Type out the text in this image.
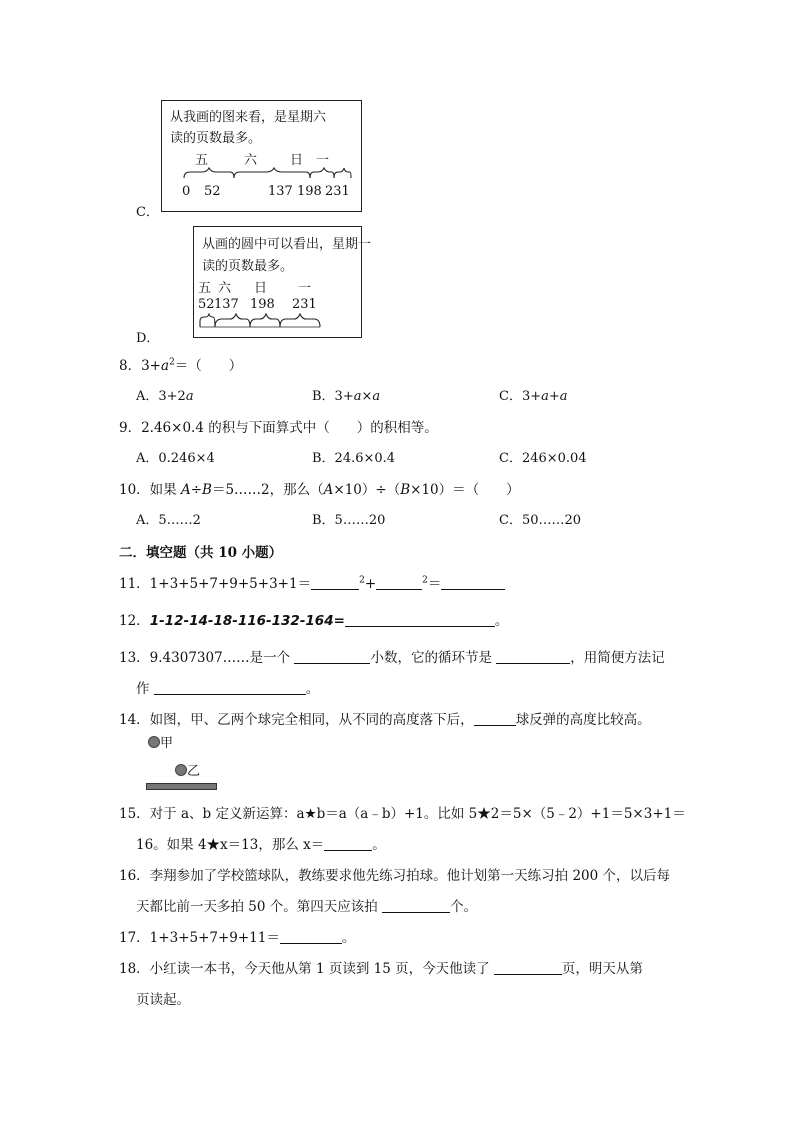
C．
从我画的图来看，是星期六
读的页数最多。
五	六	日 一
0 52	137 198 231
D．
从画的圆中可以看出，星期一
读的页数最多。
五 六 日 一
52 137 198 231
8．$3+a^2=$（　　）
A．3+2a	B．3+a×a	C．3+a+a
9．2.46×0.4 的积与下面算式中（　　）的积相等。
A．0.246×4	B．24.6×0.4	C．246×0.04
10．如果 A÷B＝5……2，那么（A×10）÷（B×10）＝（　　）
A．5……2	B．5……20	C．50……20
二．填空题（共 10 小题）
11．1+3+5+7+9+5+3+1＝	$^2$+	$^2$＝
12．1-12-14-18-116-132-164=	。
13．9.4307307……是一个	小数，它的循环节是	，用简便方法记
作	。
14．如图，甲、乙两个球完全相同，从不同的高度落下后，	球反弹的高度比较高。
甲
乙
15．对于 a、b 定义新运算：a★b＝a（a﹣b）+1。比如 5★2＝5×（5﹣2）+1＝5×3+1＝
16。如果 4★x＝13，那么 x＝	。
16．李翔参加了学校篮球队，教练要求他先练习拍球。他计划第一天练习拍 200 个，以后每
天都比前一天多拍 50 个。第四天应该拍	个。
17．1+3+5+7+9+11＝	。
18．小红读一本书，今天他从第 1 页读到 15 页，今天他读了	页，明天从第
页读起。
